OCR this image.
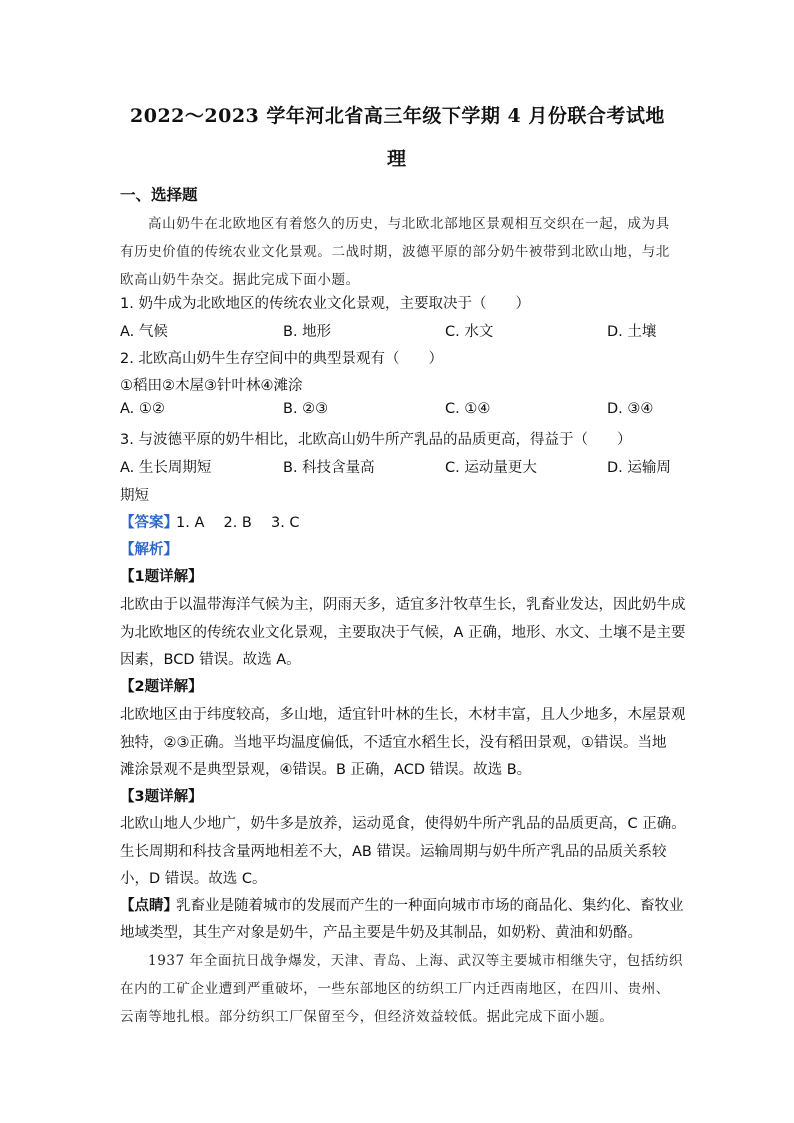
2022～2023 学年河北省高三年级下学期 4 月份联合考试地
理
一、选择题
高山奶牛在北欧地区有着悠久的历史，与北欧北部地区景观相互交织在一起，成为具
有历史价值的传统农业文化景观。二战时期，波德平原的部分奶牛被带到北欧山地，与北
欧高山奶牛杂交。据此完成下面小题。
1. 奶牛成为北欧地区的传统农业文化景观，主要取决于（　　）
A. 气候	B. 地形	C. 水文	D. 土壤
2. 北欧高山奶牛生存空间中的典型景观有（　　）
①稻田②木屋③针叶林④滩涂
A. ①②	B. ②③	C. ①④	D. ③④
3. 与波德平原的奶牛相比，北欧高山奶牛所产乳品的品质更高，得益于（　　）
A. 生长周期短	B. 科技含量高	C. 运动量更大	D. 运输周
期短
【答案】
1. A　 2. B　 3. C
【解析】
【1题详解】
北欧由于以温带海洋气候为主，阴雨天多，适宜多汁牧草生长，乳畜业发达，因此奶牛成
为北欧地区的传统农业文化景观，主要取决于气候，A 正确，地形、水文、土壤不是主要
因素，BCD 错误。故选 A。
【2题详解】
北欧地区由于纬度较高，多山地，适宜针叶林的生长，木材丰富，且人少地多，木屋景观
独特，②③正确。当地平均温度偏低，不适宜水稻生长，没有稻田景观，①错误。当地
滩涂景观不是典型景观，④错误。B 正确，ACD 错误。故选 B。
【3题详解】
北欧山地人少地广，奶牛多是放养，运动觅食，使得奶牛所产乳品的品质更高，C 正确。
生长周期和科技含量两地相差不大，AB 错误。运输周期与奶牛所产乳品的品质关系较
小，D 错误。故选 C。
【点睛】
乳畜业是随着城市的发展而产生的一种面向城市市场的商品化、集约化、畜牧业
地域类型，其生产对象是奶牛，产品主要是牛奶及其制品，如奶粉、黄油和奶酪。
1937 年全面抗日战争爆发，天津、青岛、上海、武汉等主要城市相继失守，包括纺织
在内的工矿企业遭到严重破坏，一些东部地区的纺织工厂内迁西南地区，在四川、贵州、
云南等地扎根。部分纺织工厂保留至今，但经济效益较低。据此完成下面小题。
